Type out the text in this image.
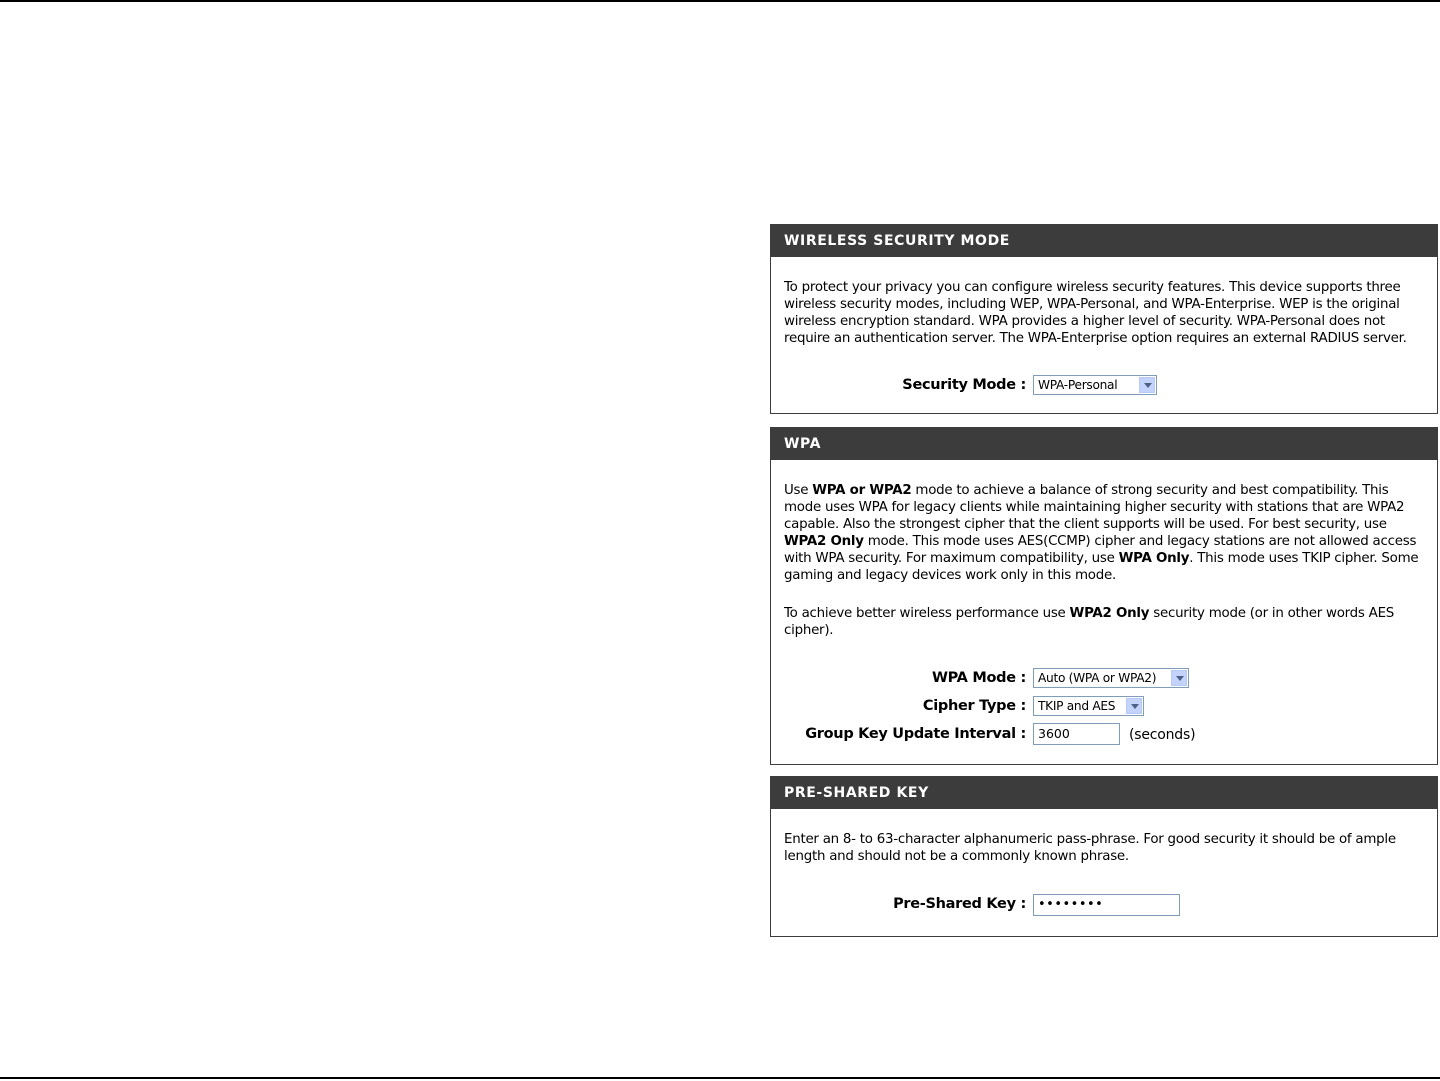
WIRELESS SECURITY MODE

To protect your privacy you can configure wireless security features. This device supports three wireless security modes, including WEP, WPA-Personal, and WPA-Enterprise. WEP is the original wireless encryption standard. WPA provides a higher level of security. WPA-Personal does not require an authentication server. The WPA-Enterprise option requires an external RADIUS server.

Security Mode : WPA-Personal
WPA

Use WPA or WPA2 mode to achieve a balance of strong security and best compatibility. This mode uses WPA for legacy clients while maintaining higher security with stations that are WPA2 capable. Also the strongest cipher that the client supports will be used. For best security, use WPA2 Only mode. This mode uses AES(CCMP) cipher and legacy stations are not allowed access with WPA security. For maximum compatibility, use WPA Only. This mode uses TKIP cipher. Some gaming and legacy devices work only in this mode.

To achieve better wireless performance use WPA2 Only security mode (or in other words AES cipher).

WPA Mode : Auto (WPA or WPA2)
Cipher Type : TKIP and AES
Group Key Update Interval : 3600	(seconds)
PRE-SHARED KEY

Enter an 8- to 63-character alphanumeric pass-phrase. For good security it should be of ample length and should not be a commonly known phrase.

Pre-Shared Key : ••••••••
